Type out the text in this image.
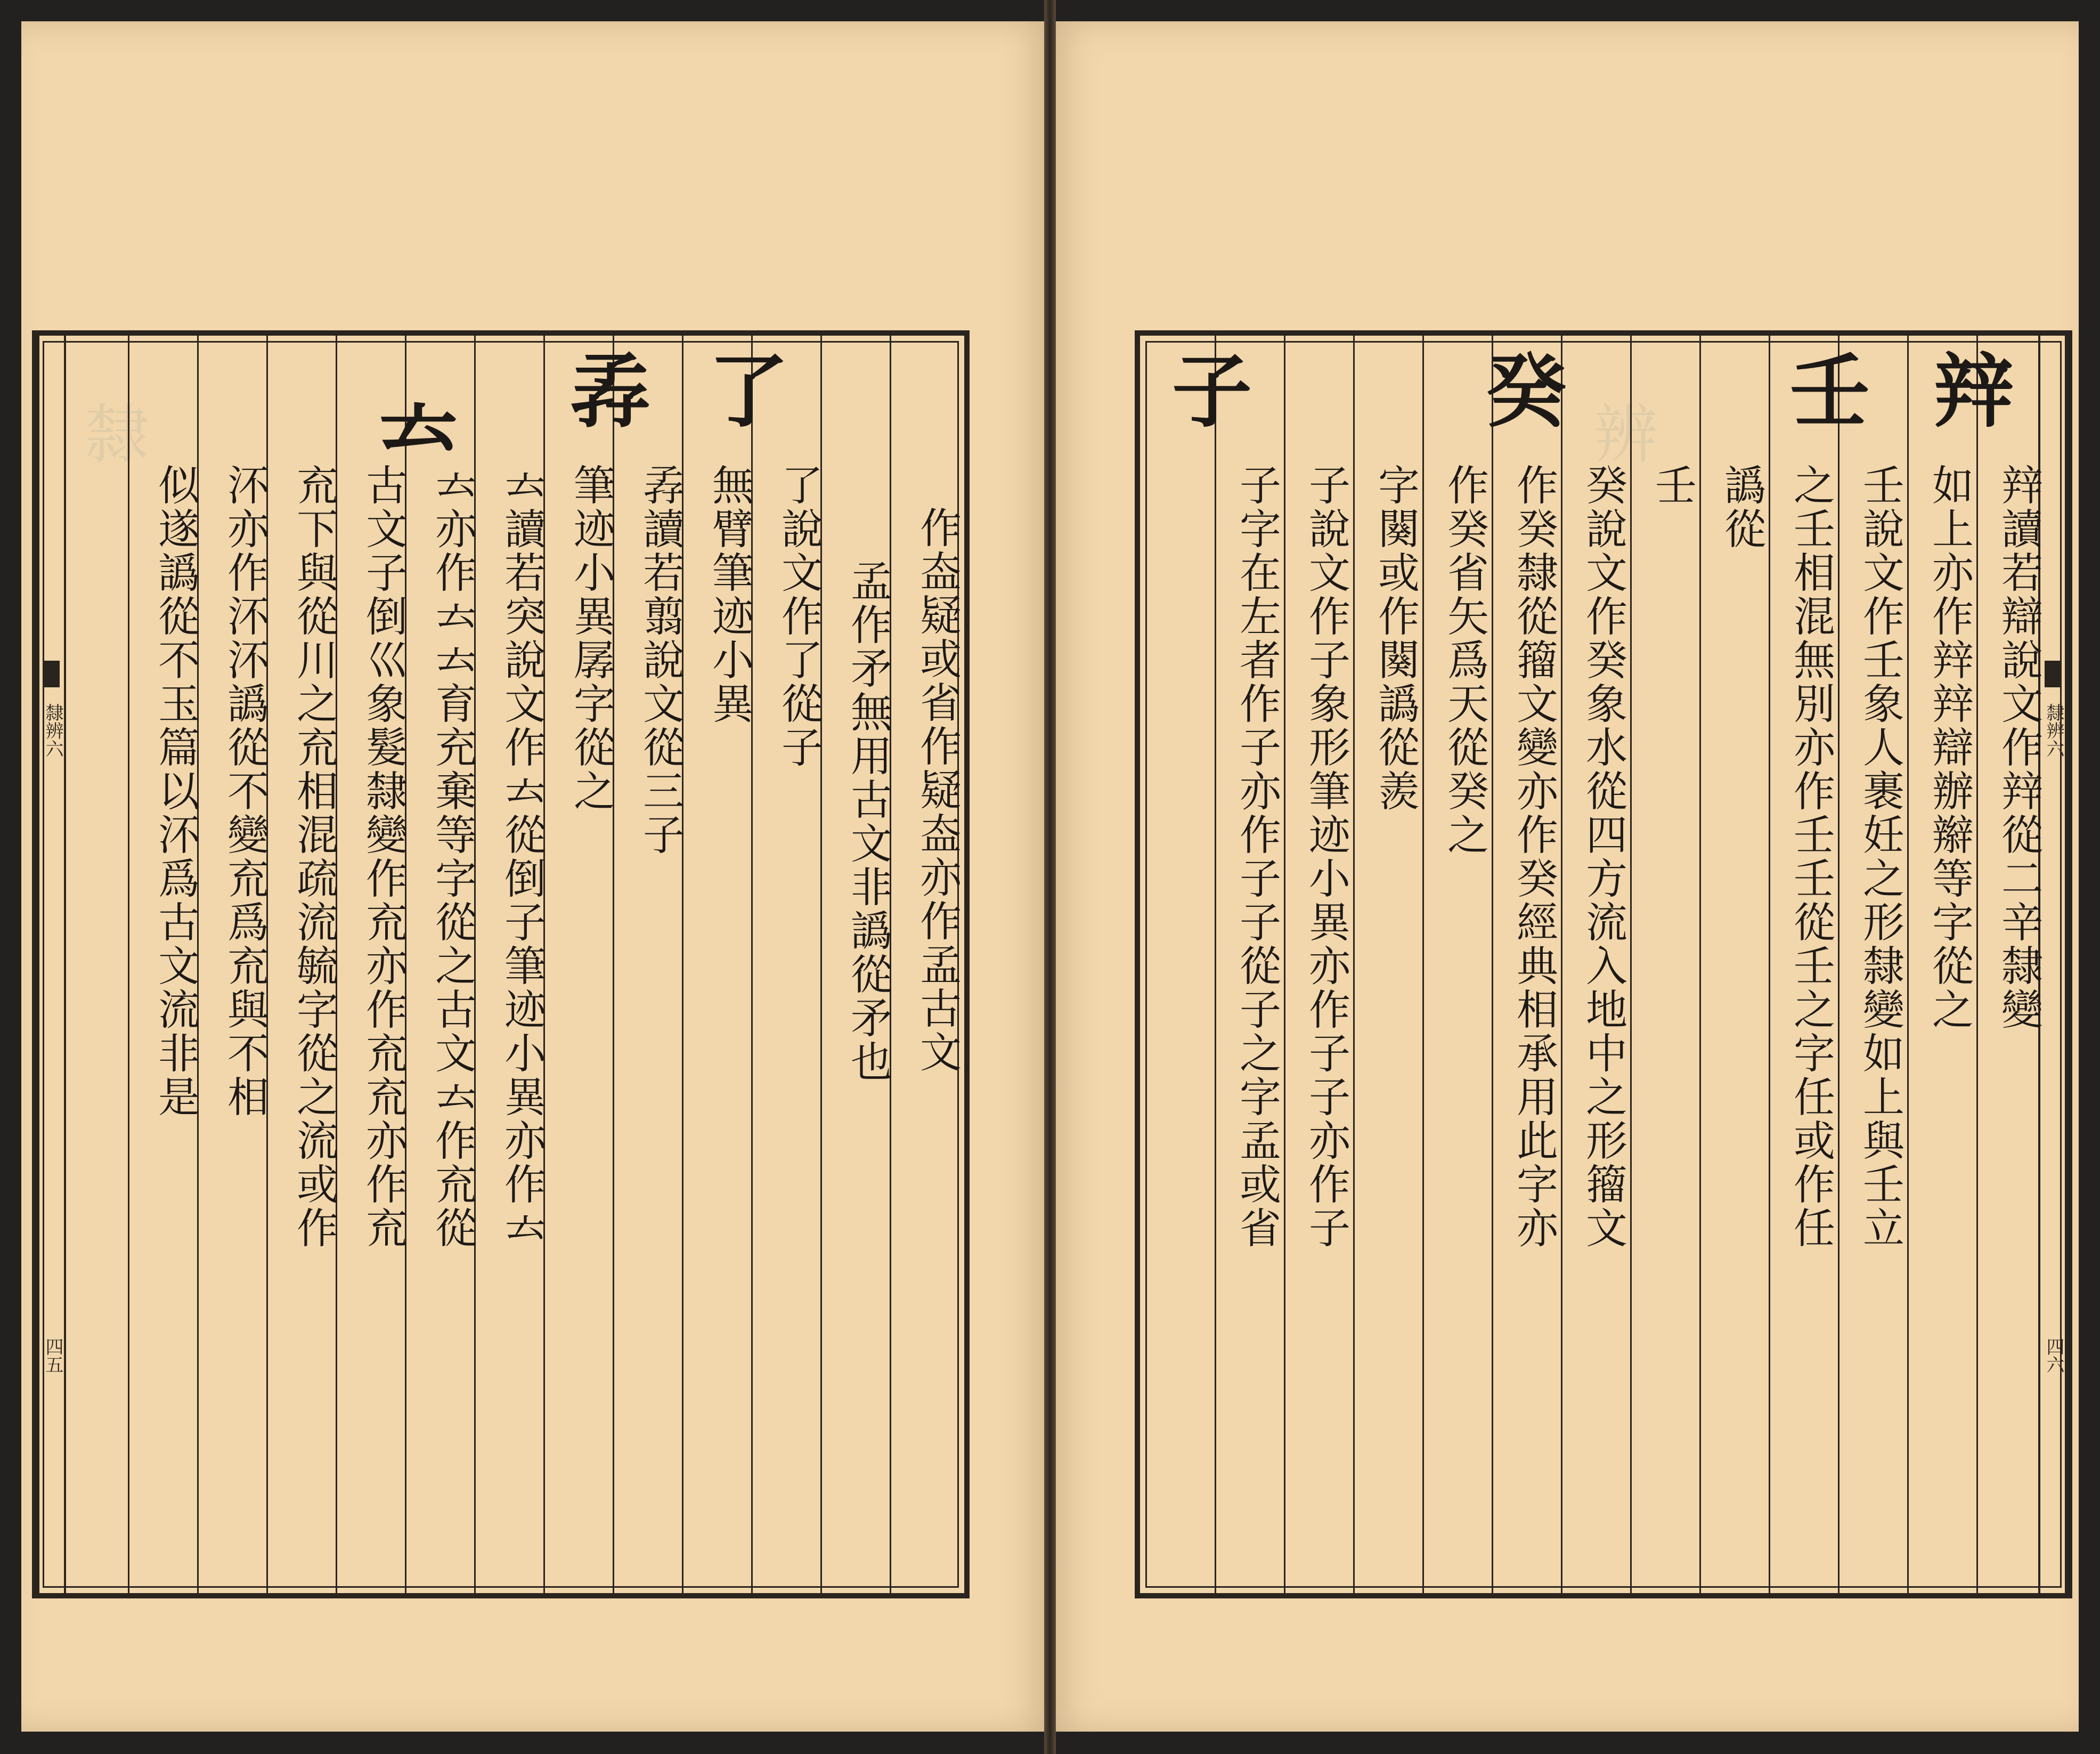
隸	辨
隸辨六
四五
作盇疑或省作疑盇亦作孟古文
孟作矛無用古文非譌從矛也
了
了說文作了從子
無臂筆迹小異
孨
孨讀若翦說文從三子
筆迹小異孱字從之
𠫓
𠫓讀若突說文作𠫓從倒子筆迹小異亦作𠫓
𠫓亦作𠫓𠫓育充棄等字從之古文𠫓作㐬從
古文子倒巛象髮隸變作㐬亦作㐬㐬亦作㐬
㐬下與從川之㐬相混疏流毓字從之流或作
㳅亦作㳅㳅譌從不變㐬爲㐬與不相
似遂譌從不玉篇以㳅爲古文流非是	隸辨六
四六
辡
辡讀若辯說文作辡從二辛隸變
如上亦作辡辡辯辦辮等字從之
壬
壬說文作壬象人裹妊之形隸變如上與壬立
之壬相混無別亦作壬壬從壬之字任或作任
譌從
壬
癸
癸說文作癸象水從四方流入地中之形籀文
作癸隸從籀文變亦作癸經典相承用此字亦
作癸省矢爲天從癸之
字闋或作闋譌從羨
子
子說文作子象形筆迹小異亦作子子亦作子
子字在左者作子亦作子子從子之字孟或省
